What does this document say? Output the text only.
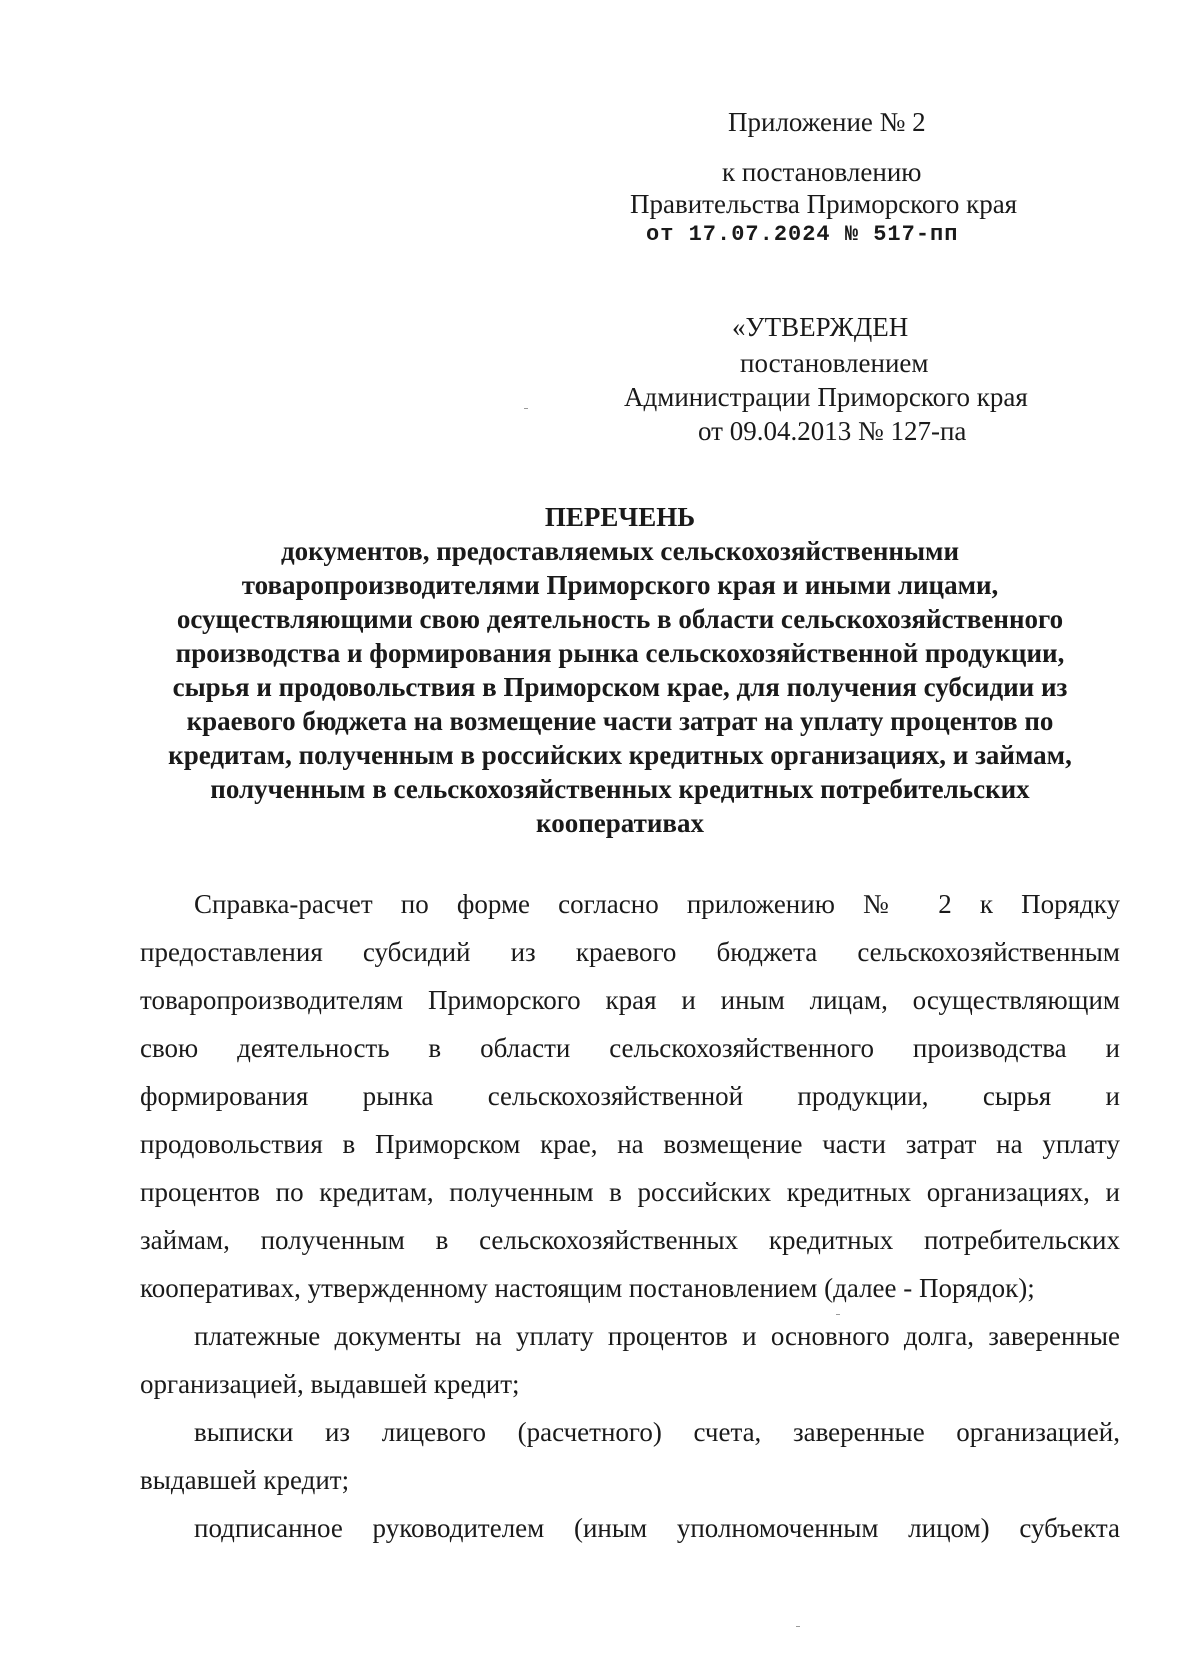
Приложение № 2
к постановлению
Правительства Приморского края
от 17.07.2024 № 517-пп
«УТВЕРЖДЕН
постановлением
Администрации Приморского края
от 09.04.2013 № 127-па
ПЕРЕЧЕНЬ
документов, предоставляемых сельскохозяйственными
товаропроизводителями Приморского края и иными лицами,
осуществляющими свою деятельность в области сельскохозяйственного
производства и формирования рынка сельскохозяйственной продукции,
сырья и продовольствия в Приморском крае, для получения субсидии из
краевого бюджета на возмещение части затрат на уплату процентов по
кредитам, полученным в российских кредитных организациях, и займам,
полученным в сельскохозяйственных кредитных потребительских
кооперативах
Справка-расчет по форме согласно приложению № 2 к Порядку
предоставления субсидий из краевого бюджета сельскохозяйственным
товаропроизводителям Приморского края и иным лицам, осуществляющим
свою деятельность в области сельскохозяйственного производства и
формирования рынка сельскохозяйственной продукции, сырья и
продовольствия в Приморском крае, на возмещение части затрат на уплату
процентов по кредитам, полученным в российских кредитных организациях, и
займам, полученным в сельскохозяйственных кредитных потребительских
кооперативах, утвержденному настоящим постановлением (далее - Порядок);
платежные документы на уплату процентов и основного долга, заверенные
организацией, выдавшей кредит;
выписки из лицевого (расчетного) счета, заверенные организацией,
выдавшей кредит;
подписанное руководителем (иным уполномоченным лицом) субъекта
